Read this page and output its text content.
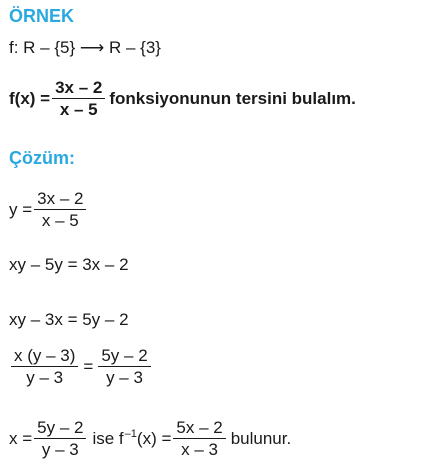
ÖRNEK
f: R – {5} ⟶ R – {3}
$f(x) = \frac{3x - 2}{x - 5}$ fonksiyonunun tersini bulalım.
Çözüm:
$y = \frac{3x - 2}{x - 5}$
xy – 5y = 3x – 2
xy – 3x = 5y – 2
$\frac{x (y - 3)}{y - 3} = \frac{5y - 2}{y - 3}$
$x = \frac{5y - 2}{y - 3}$ ise $f^{-1}(x) = \frac{5x - 2}{x - 3}$ bulunur.
